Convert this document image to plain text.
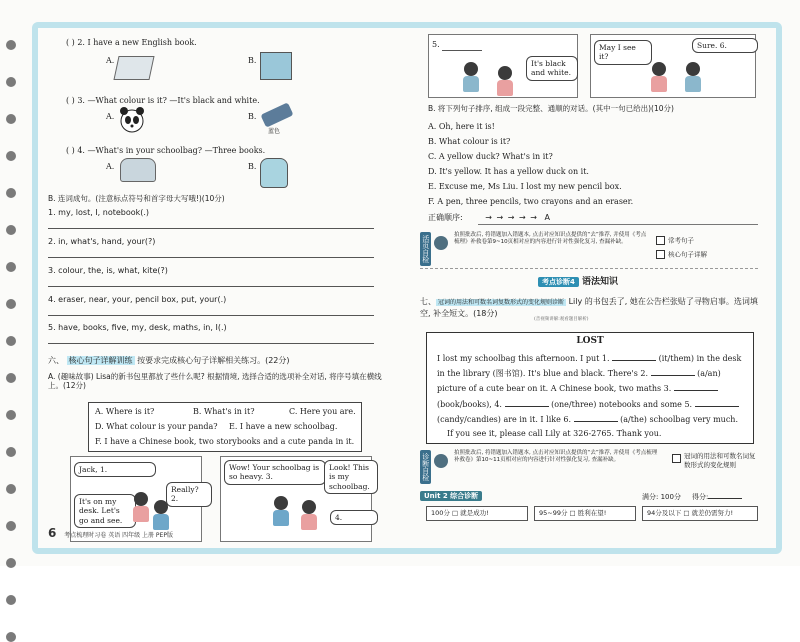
( ) 2. I have a new English book.
A.	B.
( ) 3. —What colour is it? —It's black and white.
A.	B.
蓝色
( ) 4. —What's in your schoolbag? —Three books.
A.	B.
B. 连词成句。(注意标点符号和首字母大写哦!)(10分)
1. my, lost, I, notebook(.)
2. in, what's, hand, your(?)
3. colour, the, is, what, kite(?)
4. eraser, near, your, pencil box, put, your(.)
5. have, books, five, my, desk, maths, in, I(.)
六、 核心句子详解训练 按要求完成核心句子详解相关练习。(22分)
A. (趣味故事) Lisa的新书包里都放了些什么呢? 根据情境, 选择合适的选项补全对话, 将序号填在横线上。(12分)
A. Where is it?	B. What's in it?	C. Here you are.
D. What colour is your panda? E. I have a new schoolbag.
F. I have a Chinese book, two storybooks and a cute panda in it.
Jack, 1.
Really?
2.
It's on my desk. Let's go and see.
Wow! Your schoolbag is so heavy. 3.
Look! This is my schoolbag.
4.
6 考点梳理时习卷 英语 四年级 上册 PEP版
5.
It's black and white.
May I see it?
Sure. 6.
B. 将下列句子排序, 组成一段完整、通顺的对话。(其中一句已给出)(10分)
A. Oh, here it is!
B. What colour is it?
C. A yellow duck? What's in it?
D. It's yellow. It has a yellow duck on it.
E. Excuse me, Ms Liu. I lost my new pencil box.
F. A pen, three pencils, two crayons and an eraser.
正确顺序:	→ → → → → A
活页自检	拍照批改后, 将错题加入错题本, 点击对应知识点提供的“去”推荐, 并使用《考点梳理》补救卷第9~10页相对应的内容进行针对性强化复习, 查漏补缺。	常考句子
核心句子详解
考点诊断4 语法知识
七、 冠词的用法和可数名词复数形式的变化规则诊断 Lily 的书包丢了, 她在公告栏张贴了寻物启事。选词填空, 补全短文。(18分)
(音视频讲解:观看题目解析)
LOST
I lost my schoolbag this afternoon. I put 1.	(it/them) in the desk in the library (图书馆). It's blue and black. There's 2.	(a/an) picture of a cute bear on it. A Chinese book, two maths 3.  (book/books), 4.	(one/three) notebooks and some 5.  (candy/candies) are in it. I like 6.	(a/the) schoolbag very much.
If you see it, please call Lily at 326-2765. Thank you.
诊断自检	拍照批改后, 将错题加入错题本, 点击对应知识点提供的“去”推荐, 并使用《考点梳理补救卷》第10~11页相对应的内容进行针对性强化复习, 查漏补缺。
冠词的用法和可数名词复数形式的变化规则
Unit 2 综合诊断	满分: 100分 得分:
100分 □ 就是成功!	95~99分 □ 胜利在望!	94分及以下 □ 就差仍需努力!
